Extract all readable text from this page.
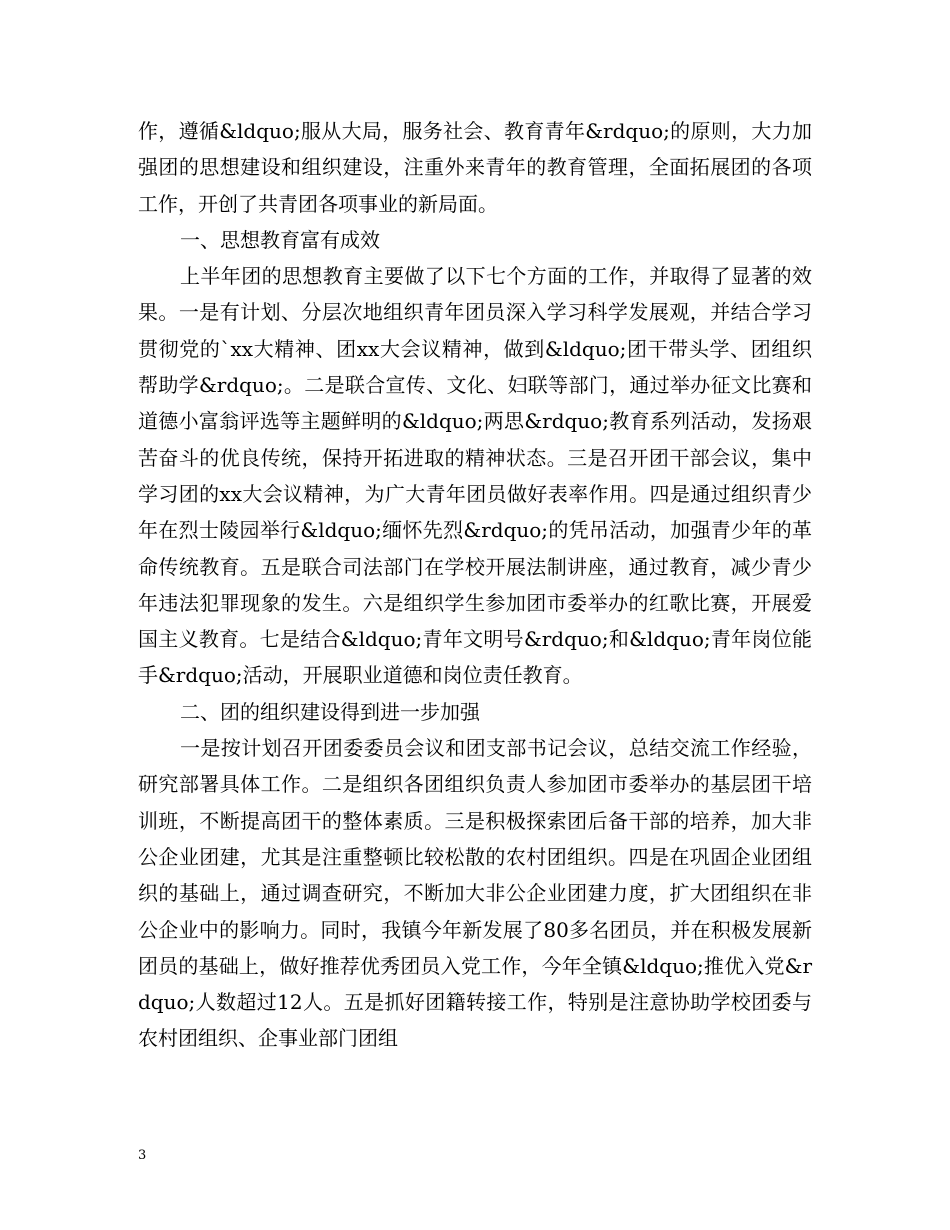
作，遵循&ldquo;服从大局，服务社会、教育青年&rdquo;的原则，大力加强团的思想建设和组织建设，注重外来青年的教育管理，全面拓展团的各项工作，开创了共青团各项事业的新局面。

一、思想教育富有成效

上半年团的思想教育主要做了以下七个方面的工作，并取得了显著的效果。一是有计划、分层次地组织青年团员深入学习科学发展观，并结合学习贯彻党的`xx大精神、团xx大会议精神，做到&ldquo;团干带头学、团组织帮助学&rdquo;。二是联合宣传、文化、妇联等部门，通过举办征文比赛和道德小富翁评选等主题鲜明的&ldquo;两思&rdquo;教育系列活动，发扬艰苦奋斗的优良传统，保持开拓进取的精神状态。三是召开团干部会议，集中学习团的xx大会议精神，为广大青年团员做好表率作用。四是通过组织青少年在烈士陵园举行&ldquo;缅怀先烈&rdquo;的凭吊活动，加强青少年的革命传统教育。五是联合司法部门在学校开展法制讲座，通过教育，减少青少年违法犯罪现象的发生。六是组织学生参加团市委举办的红歌比赛，开展爱国主义教育。七是结合&ldquo;青年文明号&rdquo;和&ldquo;青年岗位能手&rdquo;活动，开展职业道德和岗位责任教育。

二、团的组织建设得到进一步加强

一是按计划召开团委委员会议和团支部书记会议，总结交流工作经验，研究部署具体工作。二是组织各团组织负责人参加团市委举办的基层团干培训班，不断提高团干的整体素质。三是积极探索团后备干部的培养，加大非公企业团建，尤其是注重整顿比较松散的农村团组织。四是在巩固企业团组织的基础上，通过调查研究，不断加大非公企业团建力度，扩大团组织在非公企业中的影响力。同时，我镇今年新发展了80多名团员，并在积极发展新团员的基础上，做好推荐优秀团员入党工作，今年全镇&ldquo;推优入党&rdquo;人数超过12人。五是抓好团籍转接工作，特别是注意协助学校团委与农村团组织、企事业部门团组

3
